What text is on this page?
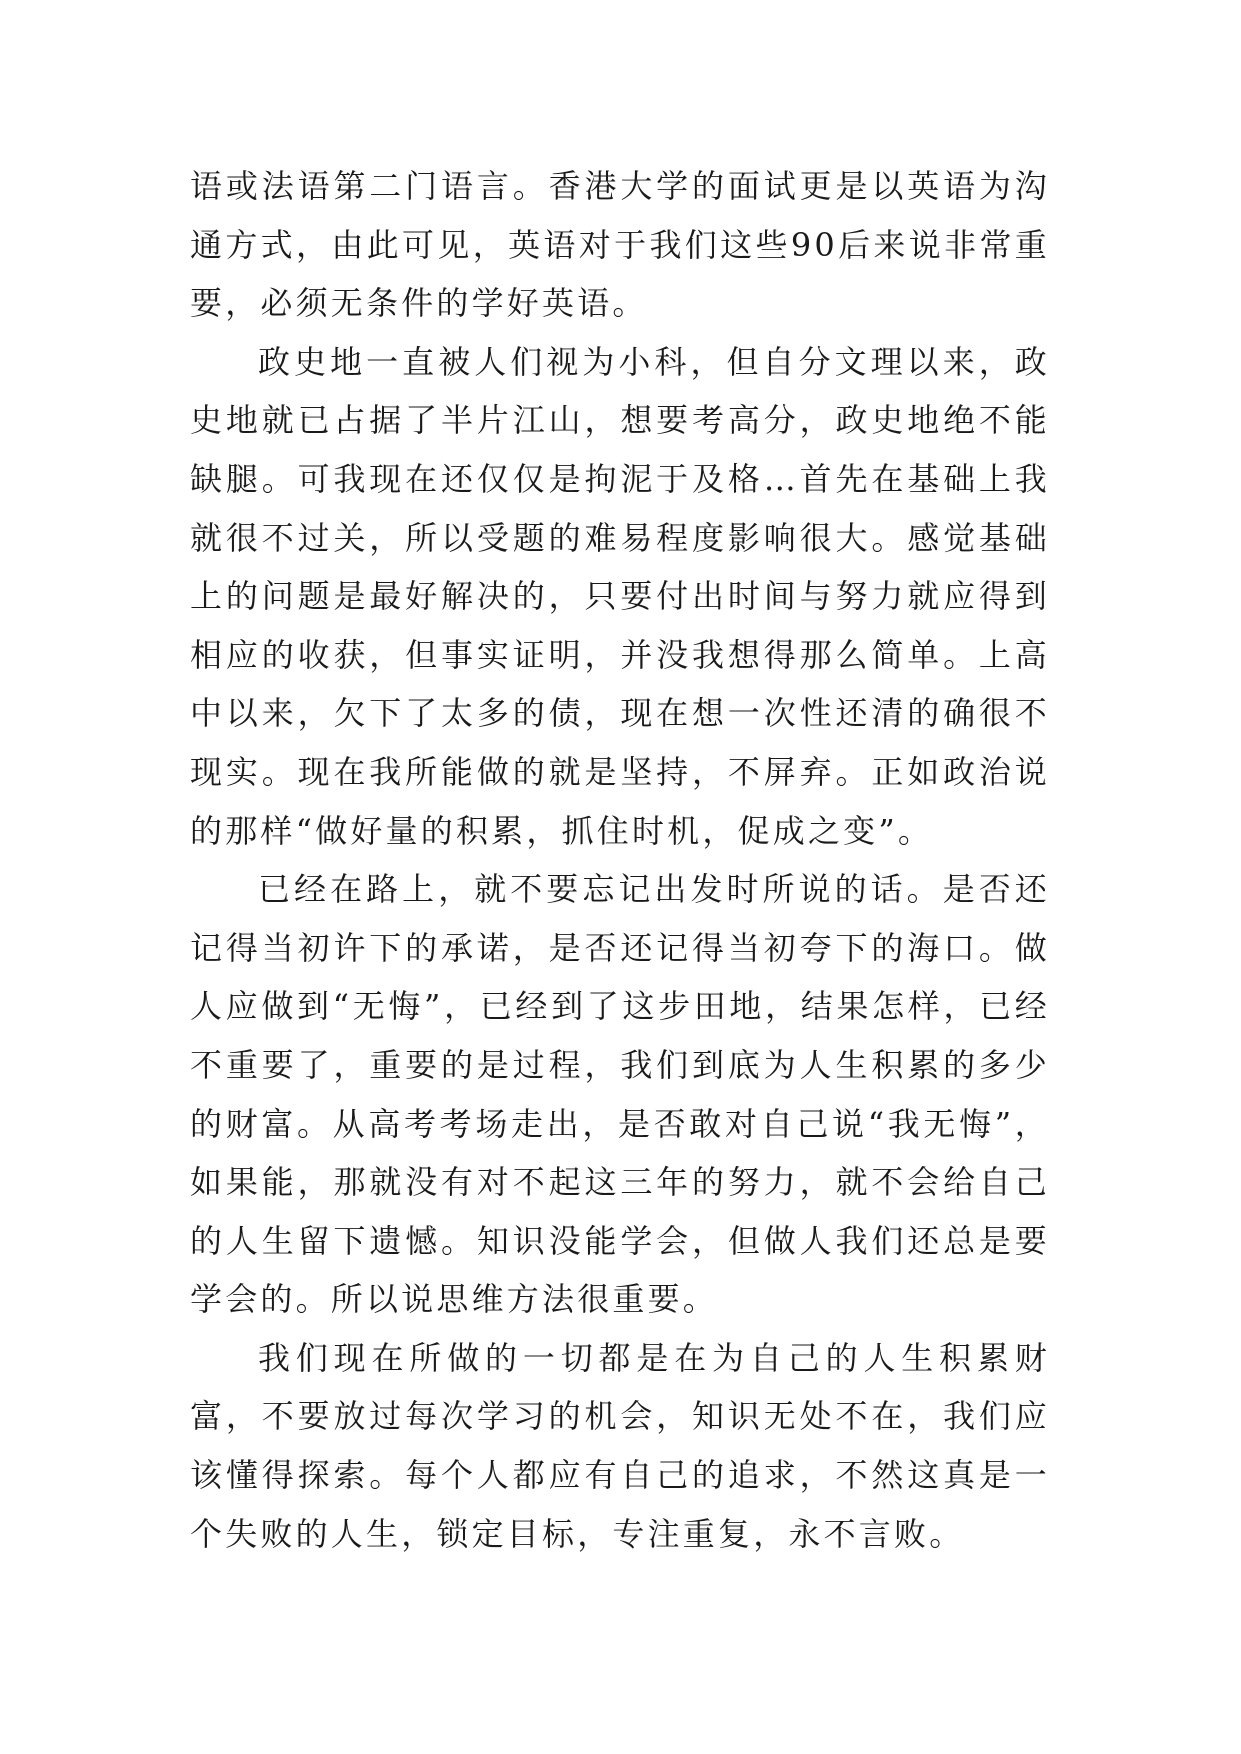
语或法语第二门语言。香港大学的面试更是以英语为沟通方式，由此可见，英语对于我们这些90后来说非常重要，必须无条件的学好英语。

政史地一直被人们视为小科，但自分文理以来，政史地就已占据了半片江山，想要考高分，政史地绝不能缺腿。可我现在还仅仅是拘泥于及格…首先在基础上我就很不过关，所以受题的难易程度影响很大。感觉基础上的问题是最好解决的，只要付出时间与努力就应得到相应的收获，但事实证明，并没我想得那么简单。上高中以来，欠下了太多的债，现在想一次性还清的确很不现实。现在我所能做的就是坚持，不屏弃。正如政治说的那样“做好量的积累，抓住时机，促成之变”。

已经在路上，就不要忘记出发时所说的话。是否还记得当初许下的承诺，是否还记得当初夸下的海口。做人应做到“无悔”，已经到了这步田地，结果怎样，已经不重要了，重要的是过程，我们到底为人生积累的多少的财富。从高考考场走出，是否敢对自己说“我无悔”，如果能，那就没有对不起这三年的努力，就不会给自己的人生留下遗憾。知识没能学会，但做人我们还总是要学会的。所以说思维方法很重要。

我们现在所做的一切都是在为自己的人生积累财富，不要放过每次学习的机会，知识无处不在，我们应该懂得探索。每个人都应有自己的追求，不然这真是一个失败的人生，锁定目标，专注重复，永不言败。
